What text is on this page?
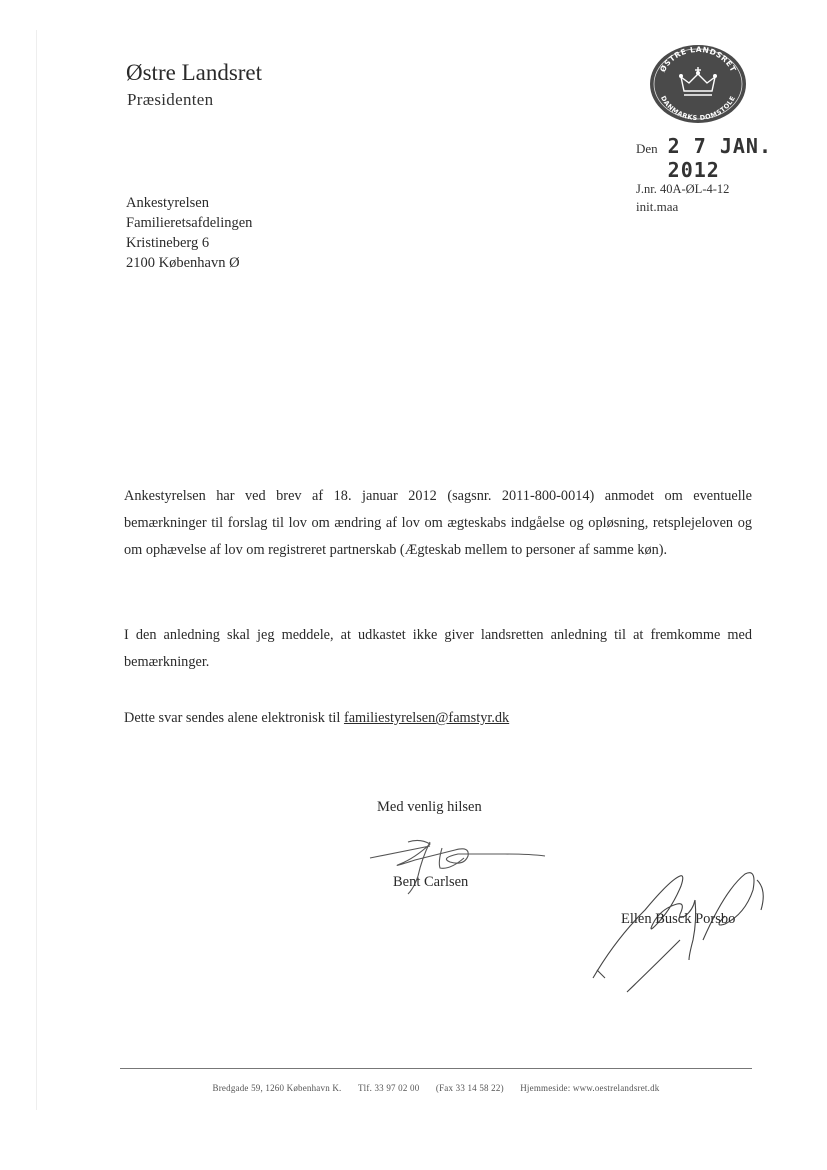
Østre Landsret
Præsidenten
ØSTRE LANDSRET
DANMARKS DOMSTOLE
Den 2 7 JAN. 2012
J.nr. 40A-ØL-4-12
init.maa
Ankestyrelsen
Familieretsafdelingen
Kristineberg 6
2100 København Ø

Ankestyrelsen har ved brev af 18. januar 2012 (sagsnr. 2011-800-0014) anmodet om eventuelle bemærkninger til forslag til lov om ændring af lov om ægteskabs indgåelse og opløsning, retsplejeloven og om ophævelse af lov om registreret partnerskab (Ægteskab mellem to personer af samme køn).

I den anledning skal jeg meddele, at udkastet ikke giver landsretten anledning til at fremkomme med bemærkninger.

Dette svar sendes alene elektronisk til familiestyrelsen@famstyr.dk

Med venlig hilsen
Bent Carlsen
Ellen Busck Porsbo
Bredgade 59, 1260 København K. Tlf. 33 97 02 00 (Fax 33 14 58 22) Hjemmeside: www.oestrelandsret.dk
